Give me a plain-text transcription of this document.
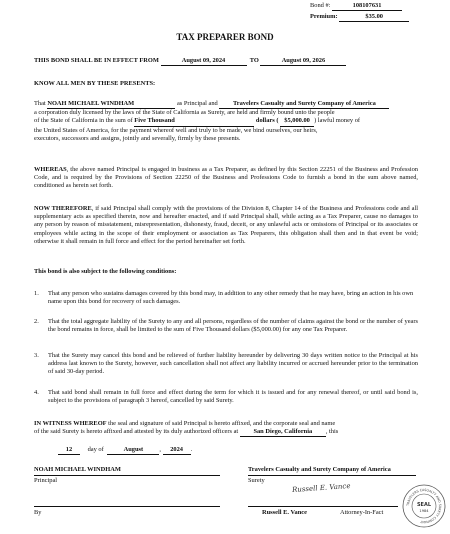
Bond #:	108107631
Premium:	$35.00
TAX PREPARER BOND
THIS BOND SHALL BE IN EFFECT FROM	August 09, 2024	TO	August 09, 2026
KNOW ALL MEN BY THESE PRESENTS:

That NOAH MICHAEL WINDHAM	as Principal and Travelers Casualty and Surety Company of America

a corporation duly licensed by the laws of the State of California as Surety, are held and firmly bound unto the people

of the State of California in the sum of Five Thousand	dollars ( $5,000.00 ) lawful money of

the United States of America, for the payment whereof well and truly to be made, we bind ourselves, our heirs,

executors, successors and assigns, jointly and severally, firmly by these presents.

WHEREAS, the above named Principal is engaged in business as a Tax Preparer, as defined by this Section 22251 of the Business and Profession Code, and is required by the Provisions of Section 22250 of the Business and Professions Code to furnish a bond in the sum above named, conditioned as herein set forth.

NOW THEREFORE, if said Principal shall comply with the provisions of the Division 8, Chapter 14 of the Business and Professions code and all supplementary acts as specified therein, now and hereafter enacted, and if said Principal shall, while acting as a Tax Preparer, cause no damages to any person by reason of misstatement, misrepresentation, dishonesty, fraud, deceit, or any unlawful acts or omissions of Principal or its associates or employees while acting in the scope of their employment or association as Tax Preparers, this obligation shall then and in that event be void; otherwise it shall remain in full force and effect for the period hereinafter set forth.

This bond is also subject to the following conditions:
1. That any person who sustains damages covered by this bond may, in addition to any other remedy that he may have, bring an action in his own name upon this bond for recovery of such damages.

2. That the total aggregate liability of the Surety to any and all persons, regardless of the number of claims against the bond or the number of years the bond remains in force, shall be limited to the sum of Five Thousand dollars ($5,000.00) for any one Tax Preparer.

3. That the Surety may cancel this bond and be relieved of further liability hereunder by delivering 30 days written notice to the Principal at his address last known to the Surety, however, such cancellation shall not affect any liability incurred or accrued hereunder prior to the termination of said 30-day period.

4. That said bond shall remain in full force and effect during the term for which it is issued and for any renewal thereof, or until said bond is, subject to the provisions of paragraph 3 hereof, cancelled by said Surety.

IN WITNESS WHEREOF the seal and signature of said Principal is hereto affixed, and the corporate seal and name

of the said Surety is hereto affixed and attested by its duly authorized officers at San Diego, California , this

12 day of	August	, 2024 .
NOAH MICHAEL WINDHAM
Principal
By
Travelers Casualty and Surety Company of America
Surety
Russell E. Vance
Russell E. Vance	Attorney-In-Fact
TRAVELERS CASUALTY AND SURETY COMPANY
SEAL
1984
